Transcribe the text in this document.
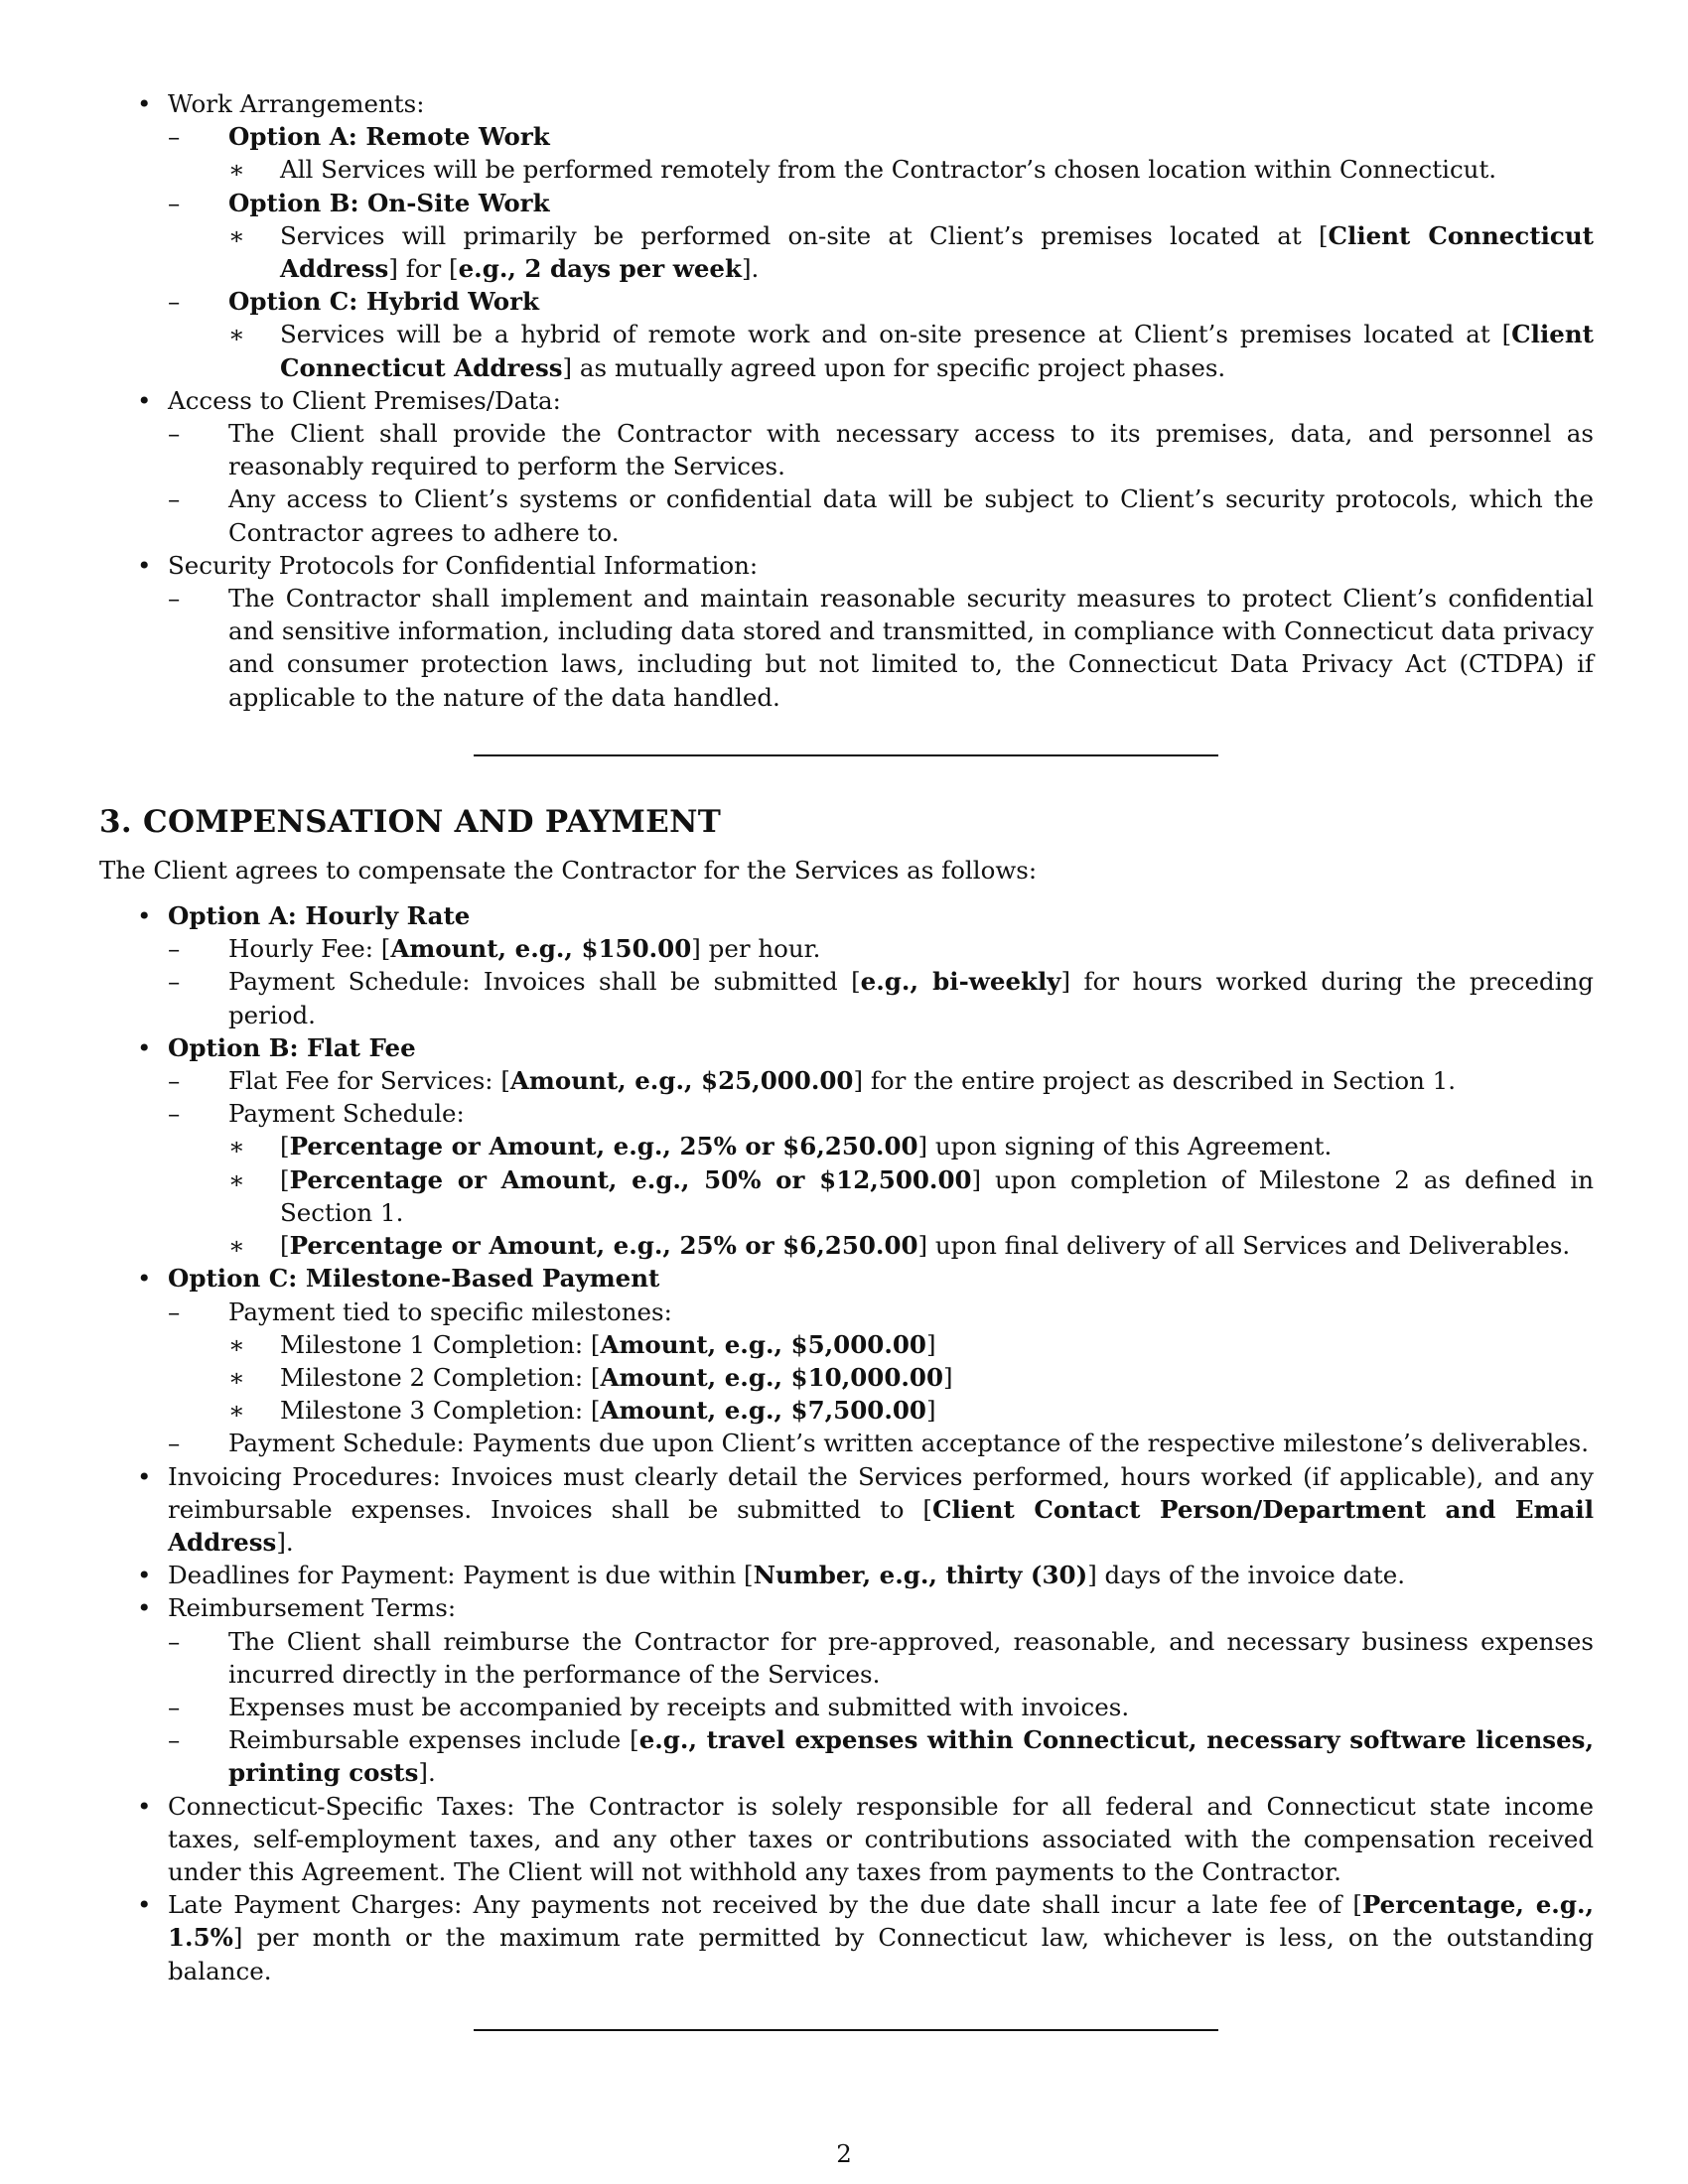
• Work Arrangements:
– Option A: Remote Work
∗ All Services will be performed remotely from the Contractor’s chosen location within Connecticut.
– Option B: On-Site Work
∗ Services will primarily be performed on-site at Client’s premises located at [Client Connecticut Address] for [e.g., 2 days per week].
– Option C: Hybrid Work
∗ Services will be a hybrid of remote work and on-site presence at Client’s premises located at [Client Connecticut Address] as mutually agreed upon for specific project phases.
• Access to Client Premises/Data:
– The Client shall provide the Contractor with necessary access to its premises, data, and personnel as reasonably required to perform the Services.
– Any access to Client’s systems or confidential data will be subject to Client’s security protocols, which the Contractor agrees to adhere to.
• Security Protocols for Confidential Information:
– The Contractor shall implement and maintain reasonable security measures to protect Client’s confidential and sensitive information, including data stored and transmitted, in compliance with Connecticut data privacy and consumer protection laws, including but not limited to, the Connecticut Data Privacy Act (CTDPA) if applicable to the nature of the data handled.
3. COMPENSATION AND PAYMENT

The Client agrees to compensate the Contractor for the Services as follows:

• Option A: Hourly Rate
– Hourly Fee: [Amount, e.g., $150.00] per hour.
– Payment Schedule: Invoices shall be submitted [e.g., bi-weekly] for hours worked during the preceding period.
• Option B: Flat Fee
– Flat Fee for Services: [Amount, e.g., $25,000.00] for the entire project as described in Section 1.
– Payment Schedule:
∗ [Percentage or Amount, e.g., 25% or $6,250.00] upon signing of this Agreement.
∗ [Percentage or Amount, e.g., 50% or $12,500.00] upon completion of Milestone 2 as defined in Section 1.
∗ [Percentage or Amount, e.g., 25% or $6,250.00] upon final delivery of all Services and Deliverables.
• Option C: Milestone-Based Payment
– Payment tied to specific milestones:
∗ Milestone 1 Completion: [Amount, e.g., $5,000.00]
∗ Milestone 2 Completion: [Amount, e.g., $10,000.00]
∗ Milestone 3 Completion: [Amount, e.g., $7,500.00]
– Payment Schedule: Payments due upon Client’s written acceptance of the respective milestone’s deliverables.
• Invoicing Procedures: Invoices must clearly detail the Services performed, hours worked (if applicable), and any reimbursable expenses. Invoices shall be submitted to [Client Contact Person/Department and Email Address].
• Deadlines for Payment: Payment is due within [Number, e.g., thirty (30)] days of the invoice date.
• Reimbursement Terms:
– The Client shall reimburse the Contractor for pre-approved, reasonable, and necessary business expenses incurred directly in the performance of the Services.
– Expenses must be accompanied by receipts and submitted with invoices.
– Reimbursable expenses include [e.g., travel expenses within Connecticut, necessary software licenses, printing costs].
• Connecticut-Specific Taxes: The Contractor is solely responsible for all federal and Connecticut state income taxes, self-employment taxes, and any other taxes or contributions associated with the compensation received under this Agreement. The Client will not withhold any taxes from payments to the Contractor.
• Late Payment Charges: Any payments not received by the due date shall incur a late fee of [Percentage, e.g., 1.5%] per month or the maximum rate permitted by Connecticut law, whichever is less, on the outstanding balance.
2
